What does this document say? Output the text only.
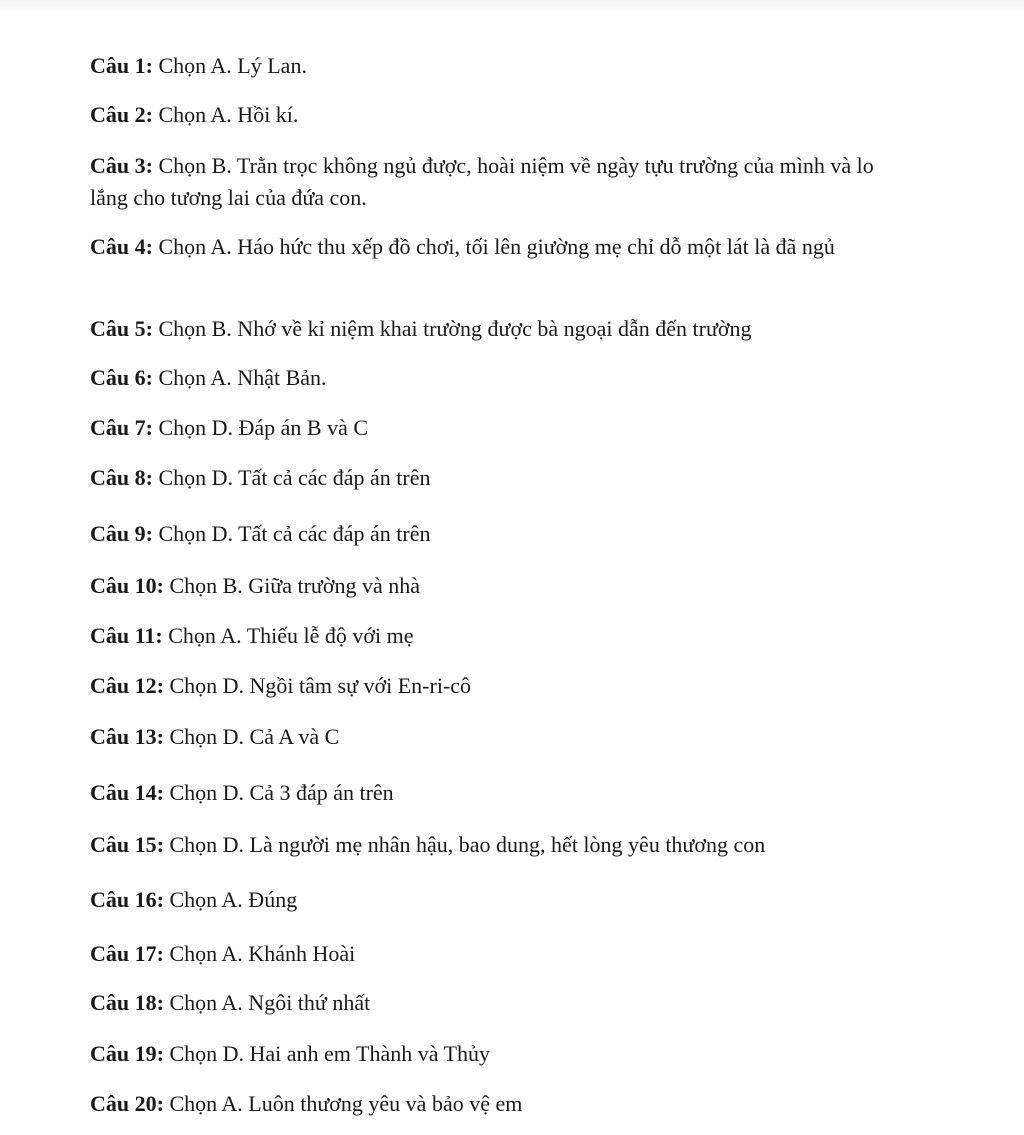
Câu 1: Chọn A. Lý Lan.

Câu 2: Chọn A. Hồi kí.

Câu 3: Chọn B. Trằn trọc không ngủ được, hoài niệm về ngày tựu trường của mình và lo lắng cho tương lai của đứa con.

Câu 4: Chọn A. Háo hức thu xếp đồ chơi, tối lên giường mẹ chỉ dỗ một lát là đã ngủ

Câu 5: Chọn B. Nhớ về kỉ niệm khai trường được bà ngoại dẫn đến trường

Câu 6: Chọn A. Nhật Bản.

Câu 7: Chọn D. Đáp án B và C

Câu 8: Chọn D. Tất cả các đáp án trên

Câu 9: Chọn D. Tất cả các đáp án trên

Câu 10: Chọn B. Giữa trường và nhà

Câu 11: Chọn A. Thiếu lễ độ với mẹ

Câu 12: Chọn D. Ngồi tâm sự với En-ri-cô

Câu 13: Chọn D. Cả A và C

Câu 14: Chọn D. Cả 3 đáp án trên

Câu 15: Chọn D. Là người mẹ nhân hậu, bao dung, hết lòng yêu thương con

Câu 16: Chọn A. Đúng

Câu 17: Chọn A. Khánh Hoài

Câu 18: Chọn A. Ngôi thứ nhất

Câu 19: Chọn D. Hai anh em Thành và Thủy

Câu 20: Chọn A. Luôn thương yêu và bảo vệ em
